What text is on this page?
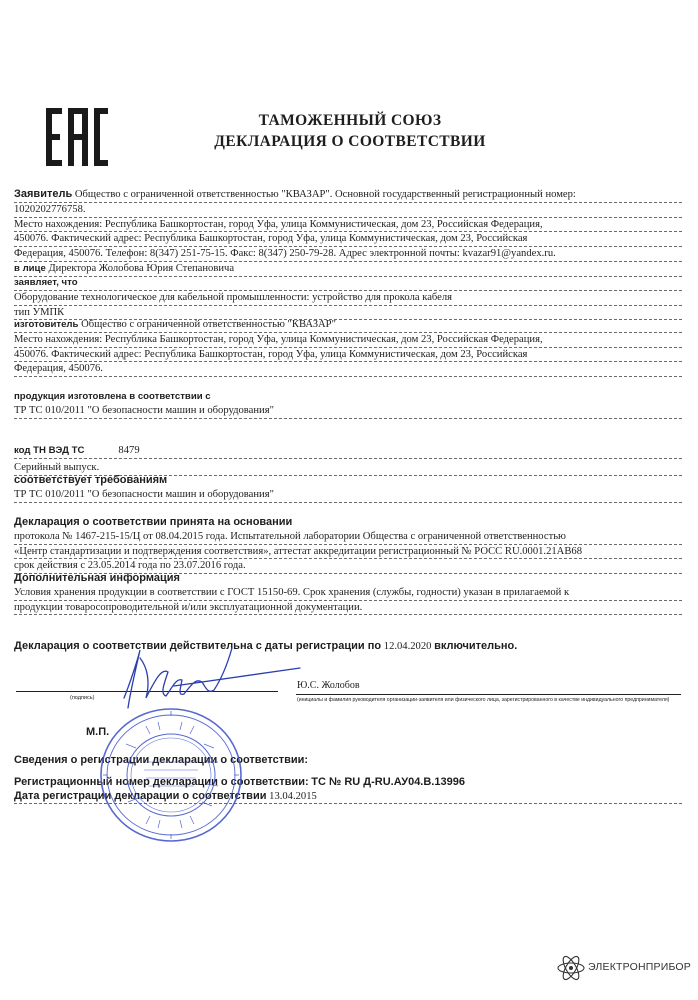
ТАМОЖЕННЫЙ СОЮЗ
ДЕКЛАРАЦИЯ О СООТВЕТСТВИИ
Заявитель Общество с ограниченной ответственностью "КВАЗАР". Основной государственный регистрационный номер:
1020202776758.
Место нахождения: Республика Башкортостан, город Уфа, улица Коммунистическая, дом 23, Российская Федерация,
450076. Фактический адрес: Республика Башкортостан, город Уфа, улица Коммунистическая, дом 23, Российская
Федерация, 450076. Телефон: 8(347) 251-75-15. Факс: 8(347) 250-79-28. Адрес электронной почты: kvazar91@yandex.ru.
в лице Директора Жолобова Юрия Степановича
заявляет, что
Оборудование технологическое для кабельной промышленности: устройство для прокола кабеля
тип УМПК
изготовитель Общество с ограниченной ответственностью "КВАЗАР"
Место нахождения: Республика Башкортостан, город Уфа, улица Коммунистическая, дом 23, Российская Федерация,
450076. Фактический адрес: Республика Башкортостан, город Уфа, улица Коммунистическая, дом 23, Российская
Федерация, 450076.
продукция изготовлена в соответствии с
ТР ТС 010/2011 "О безопасности машин и оборудования"
код ТН ВЭД ТС	8479
Серийный выпуск.
соответствует требованиям
ТР ТС 010/2011 "О безопасности машин и оборудования"
Декларация о соответствии принята на основании
протокола № 1467-215-15/Ц от 08.04.2015 года. Испытательной лаборатории Общества с ограниченной ответственностью
«Центр стандартизации и подтверждения соответствия», аттестат аккредитации регистрационный № РОСС RU.0001.21АВ68
срок действия с 23.05.2014 года по 23.07.2016 года.
Дополнительная информация
Условия хранения продукции в соответствии с ГОСТ 15150-69. Срок хранения (службы, годности) указан в прилагаемой к
продукции товаросопроводительной и/или эксплуатационной документации.
Декларация о соответствии действительна с даты регистрации по 12.04.2020 включительно.
(подпись)
Ю.С. Жолобов
(инициалы и фамилия руководителя организации-заявителя или физического лица, зарегистрированного в качестве индивидуального предпринимателя)
М.П.
Сведения о регистрации декларации о соответствии:
Регистрационный номер декларации о соответствии: ТС № RU Д-RU.АУ04.В.13996
Дата регистрации декларации о соответствии 13.04.2015
ЭЛЕКТРОНПРИБОР
